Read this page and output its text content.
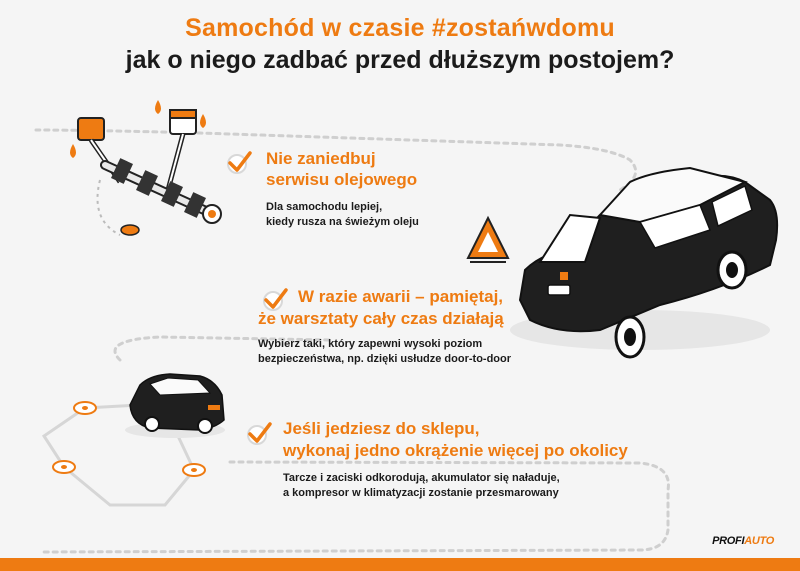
Samochód w czasie #zostańwdomu
jak o niego zadbać przed dłuższym postojem?
Nie zaniedbuj
serwisu olejowego
Dla samochodu lepiej,
kiedy rusza na świeżym oleju
W razie awarii – pamiętaj,
że warsztaty cały czas działają
Wybierz taki, który zapewni wysoki poziom
bezpieczeństwa, np. dzięki usłudze door-to-door
Jeśli jedziesz do sklepu,
wykonaj jedno okrążenie więcej po okolicy
Tarcze i zaciski odkorodują, akumulator się naładuje,
a kompresor w klimatyzacji zostanie przesmarowany
PROFIAUTO
